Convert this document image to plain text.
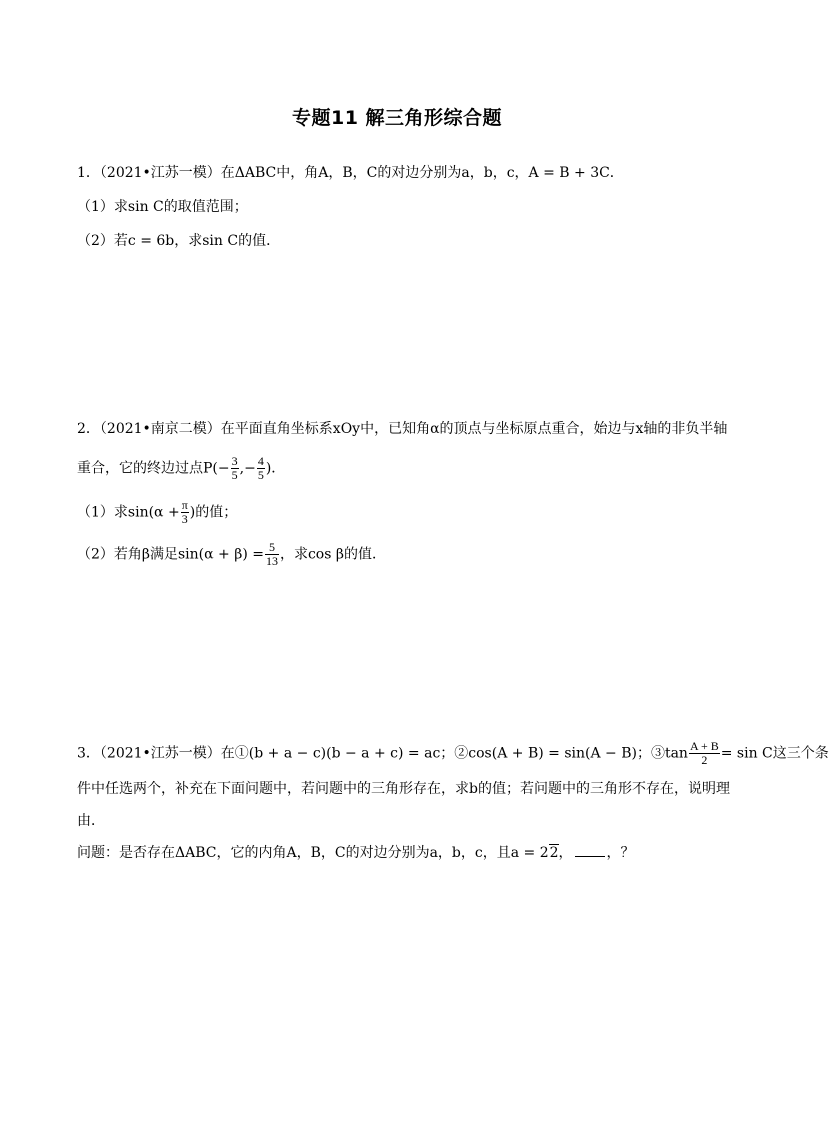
专题11 解三角形综合题
1．（2021•江苏一模）在ΔABC中，角A，B，C的对边分别为a，b，c，A = B + 3C．
（1）求sin C的取值范围；
（2）若c = 6b，求sin C的值．
2．（2021•南京二模）在平面直角坐标系xOy中，已知角α的顶点与坐标原点重合，始边与x轴的非负半轴
重合，它的终边过点$P(- \frac{3}{5}$ ,− $\frac{4}{5}$ )．
（1）求$\sin(\alpha + \frac{\pi}{3}$ )的值；
（2）若角β满足$\sin(\alpha + \beta) = \frac{5}{13}$ ，求cos β的值．
3．（2021•江苏一模）在①(b + a − c)(b − a + c) = ac；②cos(A + B) = sin(A − B)；③tan $\frac{A + B}{2} = \sin C$这三个条
件中任选两个，补充在下面问题中，若问题中的三角形存在，求b的值；若问题中的三角形不存在，说明理
由．
问题：是否存在ΔABC，它的内角A，B，C的对边分别为a，b，c，且a = 22， ，？
